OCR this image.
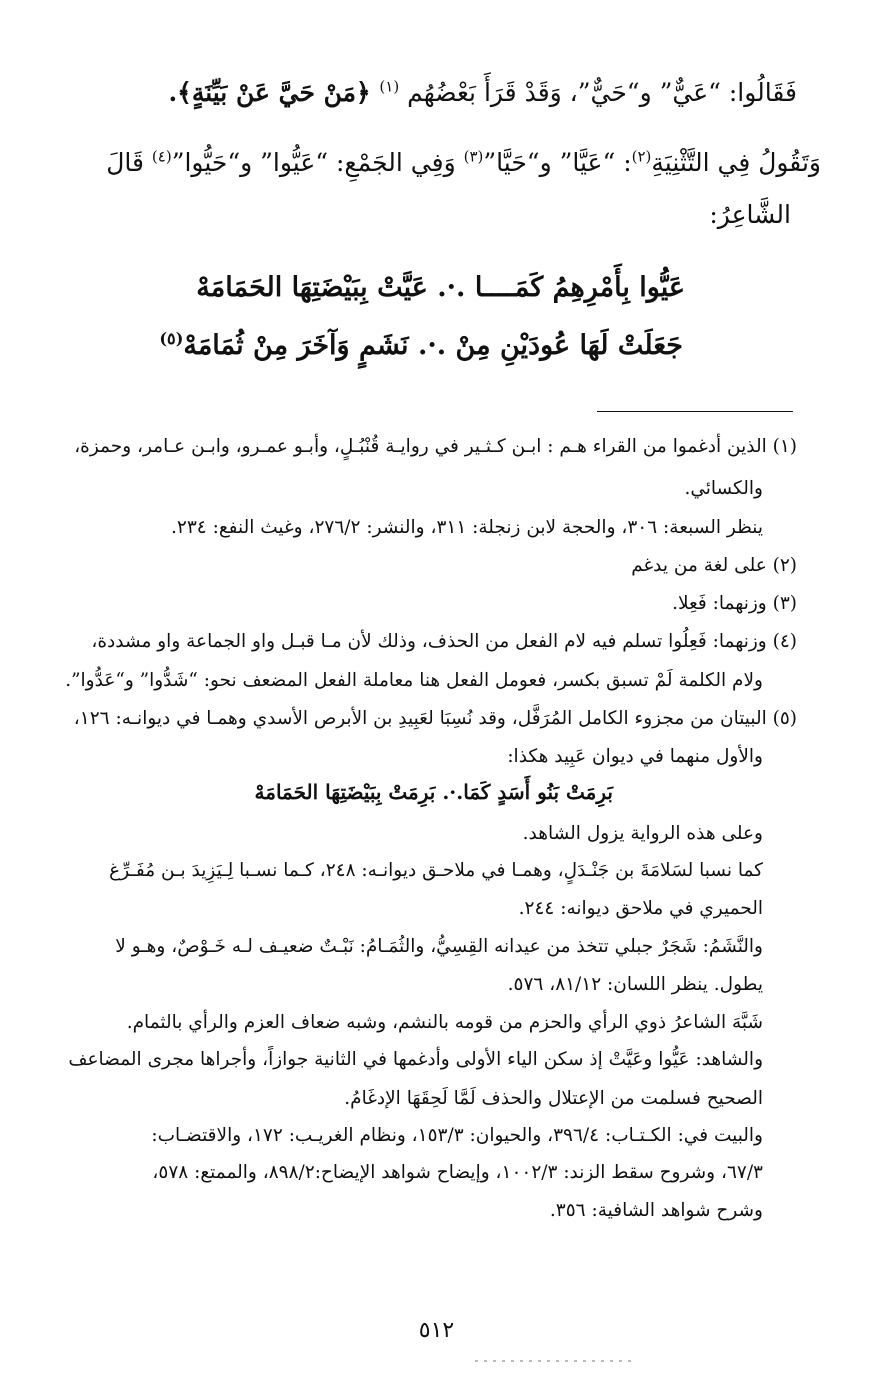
فَقَالُوا: “عَيٌّ” و“حَيٌّ”، وَقَدْ قَرَأَ بَعْضُهُم $^{(١)}$ ﴿مَنْ حَيَّ عَنْ بَيِّنَةٍ﴾.
وَتَقُولُ فِي التَّثْنِيَةِ$^{(٢)}$: “عَيَّا” و“حَيَّا”$^{(٣)}$ وَفِي الجَمْعِ: “عَيُّوا” و“حَيُّوا”$^{(٤)}$ قَالَ
الشَّاعِرُ:
عَيُّوا بِأَمْرِهِمُ كَمَــــا .·. عَيَّتْ بِبَيْضَتِهَا الحَمَامَهْ
جَعَلَتْ لَهَا عُودَيْنِ مِنْ .·. نَشَمٍ وَآخَرَ مِنْ ثُمَامَهْ$^{(٥)}$
(١) الذين أدغموا من القراء هـم : ابـن كـثـير في روايـة قُنْبُـلٍ، وأبـو عمـرو، وابـن عـامر، وحمزة،
والكسائي.
ينظر السبعة: ٣٠٦، والحجة لابن زنجلة: ٣١١، والنشر: ٢٧٦/٢، وغيث النفع: ٢٣٤.
(٢) على لغة من يدغم
(٣) وزنهما: فَعِلا.
(٤) وزنهما: فَعِلُوا تسلم فيه لام الفعل من الحذف، وذلك لأن مـا قبـل واو الجماعة واو مشددة،
ولام الكلمة لَمْ تسبق بكسر، فعومل الفعل هنا معاملة الفعل المضعف نحو: “شَدُّوا” و“عَدُّوا”.
(٥) البيتان من مجزوء الكامل المُرَفَّل، وقد نُسِبَا لعَبِيدِ بن الأبرص الأسدي وهمـا في ديوانـه: ١٢٦،
والأول منهما في ديوان عَبِيد هكذا:
بَرِمَتْ بَنُو أَسَدٍ كَمَا.·. بَرِمَتْ بِبَيْضَتِهَا الحَمَامَهْ
وعلى هذه الرواية يزول الشاهد.
كما نسبا لسَلامَةَ بن جَنْـدَلٍ، وهمـا في ملاحـق ديوانـه: ٢٤٨، كـما نسـبا لِـيَزِيدَ بـن مُفَـرِّغ
الحميري في ملاحق ديوانه: ٢٤٤.
والنَّشَمُ: شَجَرٌ جبلي تتخذ من عيدانه القِسِيُّ، والثُمَـامُ: نَبْـتٌ ضعيـف لـه خَـوْصٌ، وهـو لا
يطول. ينظر اللسان: ٨١/١٢، ٥٧٦.
شَبَّهَ الشاعرُ ذوي الرأي والحزم من قومه بالنشم، وشبه ضعاف العزم والرأي بالثمام.
والشاهد: عَيُّوا وعَيَّتْ إذ سكن الياء الأولى وأدغمها في الثانية جوازاً، وأجراها مجرى المضاعف
الصحيح فسلمت من الإعتلال والحذف لَمَّا لَحِقَهَا الإدغَامُ.
والبيت في: الكـتـاب: ٣٩٦/٤، والحيوان: ١٥٣/٣، ونظام الغريـب: ١٧٢، والاقتضـاب:
٦٧/٣، وشروح سقط الزند: ١٠٠٢/٣، وإيضاح شواهد الإيضاح:٨٩٨/٢، والممتع: ٥٧٨،
وشرح شواهد الشافية: ٣٥٦.
٥١٢
